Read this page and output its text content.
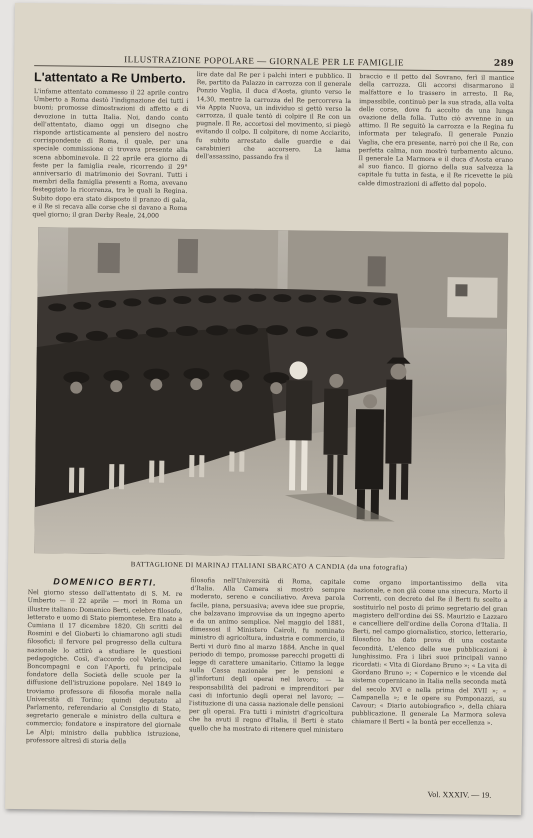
ILLUSTRAZIONE POPOLARE — GIORNALE PER LE FAMIGLIE	289
L'attentato a Re Umberto.

L'infame attentato commesso il 22 aprile contro Umberto a Roma destò l'indignazione dei tutti i buoni; promosse dimostrazioni di affetto e di devozione in tutta Italia. Noi, dando conto dell'attentato, diamo oggi un disegno che risponde artisticamente al pensiero del nostro corrispondente di Roma, il quale, per una speciale commissione ci trovava presente alla scena abbominevole. Il 22 aprile era giorno di feste per la famiglia reale, ricorrendo il 29° anniversario di matrimonio dei Sovrani. Tutti i membri della famiglia presenti a Roma, avevano festeggiato la ricorrenza, tra le quali la Regina. Subito dopo era stato disposto il pranzo di gala, e il Re si recava alle corse che si davano a Roma quel giorno; il gran Derby Reale, 24,000

lire date dal Re per i palchi interi e pubblico. Il Re, partito da Palazzo in carrozza con il generale Ponzio Vaglia, il duca d'Aosta, giunto verso le 14,30, mentre la carrozza del Re percorreva la via Appia Nuova, un individuo si gettò verso la carrozza, il quale tentò di colpire il Re con un pugnale. Il Re, accortosi del movimento, si piegò evitando il colpo. Il colpitore, di nome Acciarito, fu subito arrestato dalle guardie e dai carabinieri che accorsero. La lama dell'assassino, passando fra il

braccio e il petto del Sovrano, ferì il mantice della carrozza. Gli accorsi disarmarono il malfattore e lo trassero in arresto. Il Re, impassibile, continuò per la sua strada, alla volta delle corse, dove fu accolto da una lunga ovazione della folla. Tutto ciò avvenne in un attimo. Il Re seguitò la carrozza e la Regina fu informata per telegrafo. Il generale Ponzio Vaglia, che era presente, narrò poi che il Re, con perfetta calma, non mostrò turbamento alcuno. Il generale La Marmora e il duca d'Aosta erano al suo fianco. Il giorno della sua salvezza la capitale fu tutta in festa, e il Re ricevette le più calde dimostrazioni di affetto dal popolo.

BATTAGLIONE DI MARINAJ ITALIANI SBARCATO A CANDIA (da una fotografia)
DOMENICO BERTI.

Nel giorno stesso dell'attentato di S. M. re Umberto — il 22 aprile — morì in Roma un illustre italiano: Domenico Berti, celebre filosofo, letterato e uomo di Stato piemontese. Era nato a Cumiana il 17 dicembre 1820. Gli scritti del Rosmini e del Gioberti lo chiamarono agli studi filosofici; il fervore pel progresso della cultura nazionale lo attirò a studiare le questioni pedagogiche. Così, d'accordo col Valerio, col Boncompagni e con l'Aporti, fu principale fondatore della Società delle scuole per la diffusione dell'istruzione popolare. Nel 1849 lo troviamo professore di filosofia morale nella Università di Torino; quindi deputato al Parlamento, referendario al Consiglio di Stato, segretario generale e ministro della cultura e commercio; fondatore e inspiratore del giornale Le Alpi; ministro della pubblica istruzione, professore altresì di storia della

filosofia nell'Università di Roma, capitale d'Italia. Alla Camera si mostrò sempre moderato, sereno e conciliativo. Aveva parola facile, piana, persuasiva; aveva idee sue proprie, che balzavano improvvise da un ingegno aperto e da un animo semplice. Nel maggio del 1881, dimessosi il Ministero Cairoli, fu nominato ministro di agricoltura, industria e commercio, il Berti vi durò fino al marzo 1884. Anche in quel periodo di tempo, promosse parecchi progetti di legge di carattere umanitario. Citiamo la legge sulla Cassa nazionale per le pensioni e gl'infortuni degli operai nel lavoro; — la responsabilità dei padroni e imprenditori per casi di infortunio degli operai nel lavoro; — l'istituzione di una cassa nazionale delle pensioni per gli operai. Fra tutti i ministri d'agricoltura che ha avuti il regno d'Italia, il Berti è stato quello che ha mostrato di ritenere quel ministero

come organo importantissimo della vita nazionale, e non già come una sinecura. Morto il Correnti, con decreto del Re il Berti fu scelto a sostituirlo nel posto di primo segretario del gran magistero dell'ordine dei SS. Maurizio e Lazzaro e cancelliere dell'ordine della Corona d'Italia. Il Berti, nel campo giornalistico, storico, letterario, filosofico ha dato prova di una costante fecondità. L'elenco delle sue pubblicazioni è lunghissimo. Fra i libri suoi principali vanno ricordati: « Vita di Giordano Bruno »; « La vita di Giordano Bruno »; « Copernico e le vicende del sistema copernicano in Italia nella seconda metà del secolo XVI e nella prima del XVII »; « Campanella »; e le opere su Pomponazzi, su Cavour; « Diario autobiografico », della chiara pubblicazione. Il generale La Marmora soleva chiamare il Berti « la bontà per eccellenza ».

Vol. XXXIV. — 19.
